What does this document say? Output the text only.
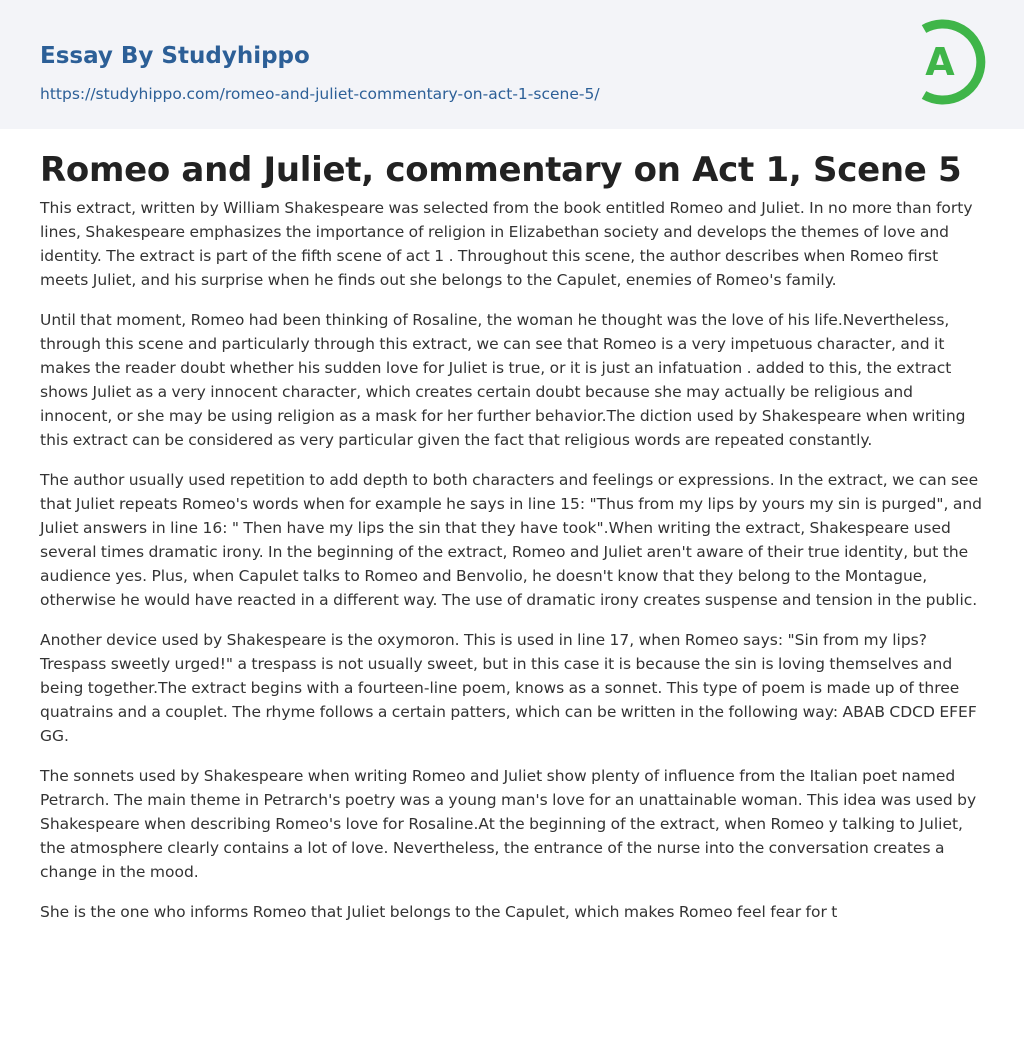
Essay By Studyhippo
https://studyhippo.com/romeo-and-juliet-commentary-on-act-1-scene-5/
A
Romeo and Juliet, commentary on Act 1, Scene 5

This extract, written by William Shakespeare was selected from the book entitled Romeo and Juliet. In no more than forty lines, Shakespeare emphasizes the importance of religion in Elizabethan society and develops the themes of love and identity. The extract is part of the fifth scene of act 1 . Throughout this scene, the author describes when Romeo first meets Juliet, and his surprise when he finds out she belongs to the Capulet, enemies of Romeo's family.

Until that moment, Romeo had been thinking of Rosaline, the woman he thought was the love of his life.Nevertheless, through this scene and particularly through this extract, we can see that Romeo is a very impetuous character, and it makes the reader doubt whether his sudden love for Juliet is true, or it is just an infatuation . added to this, the extract shows Juliet as a very innocent character, which creates certain doubt because she may actually be religious and innocent, or she may be using religion as a mask for her further behavior.The diction used by Shakespeare when writing this extract can be considered as very particular given the fact that religious words are repeated constantly.

The author usually used repetition to add depth to both characters and feelings or expressions. In the extract, we can see that Juliet repeats Romeo's words when for example he says in line 15: "Thus from my lips by yours my sin is purged", and Juliet answers in line 16: " Then have my lips the sin that they have took".When writing the extract, Shakespeare used several times dramatic irony. In the beginning of the extract, Romeo and Juliet aren't aware of their true identity, but the audience yes. Plus, when Capulet talks to Romeo and Benvolio, he doesn't know that they belong to the Montague, otherwise he would have reacted in a different way. The use of dramatic irony creates suspense and tension in the public.

Another device used by Shakespeare is the oxymoron. This is used in line 17, when Romeo says: "Sin from my lips? Trespass sweetly urged!" a trespass is not usually sweet, but in this case it is because the sin is loving themselves and being together.The extract begins with a fourteen-line poem, knows as a sonnet. This type of poem is made up of three quatrains and a couplet. The rhyme follows a certain patters, which can be written in the following way: ABAB CDCD EFEF GG.

The sonnets used by Shakespeare when writing Romeo and Juliet show plenty of influence from the Italian poet named Petrarch. The main theme in Petrarch's poetry was a young man's love for an unattainable woman. This idea was used by Shakespeare when describing Romeo's love for Rosaline.At the beginning of the extract, when Romeo y talking to Juliet, the atmosphere clearly contains a lot of love. Nevertheless, the entrance of the nurse into the conversation creates a change in the mood.

She is the one who informs Romeo that Juliet belongs to the Capulet, which makes Romeo feel fear for t
